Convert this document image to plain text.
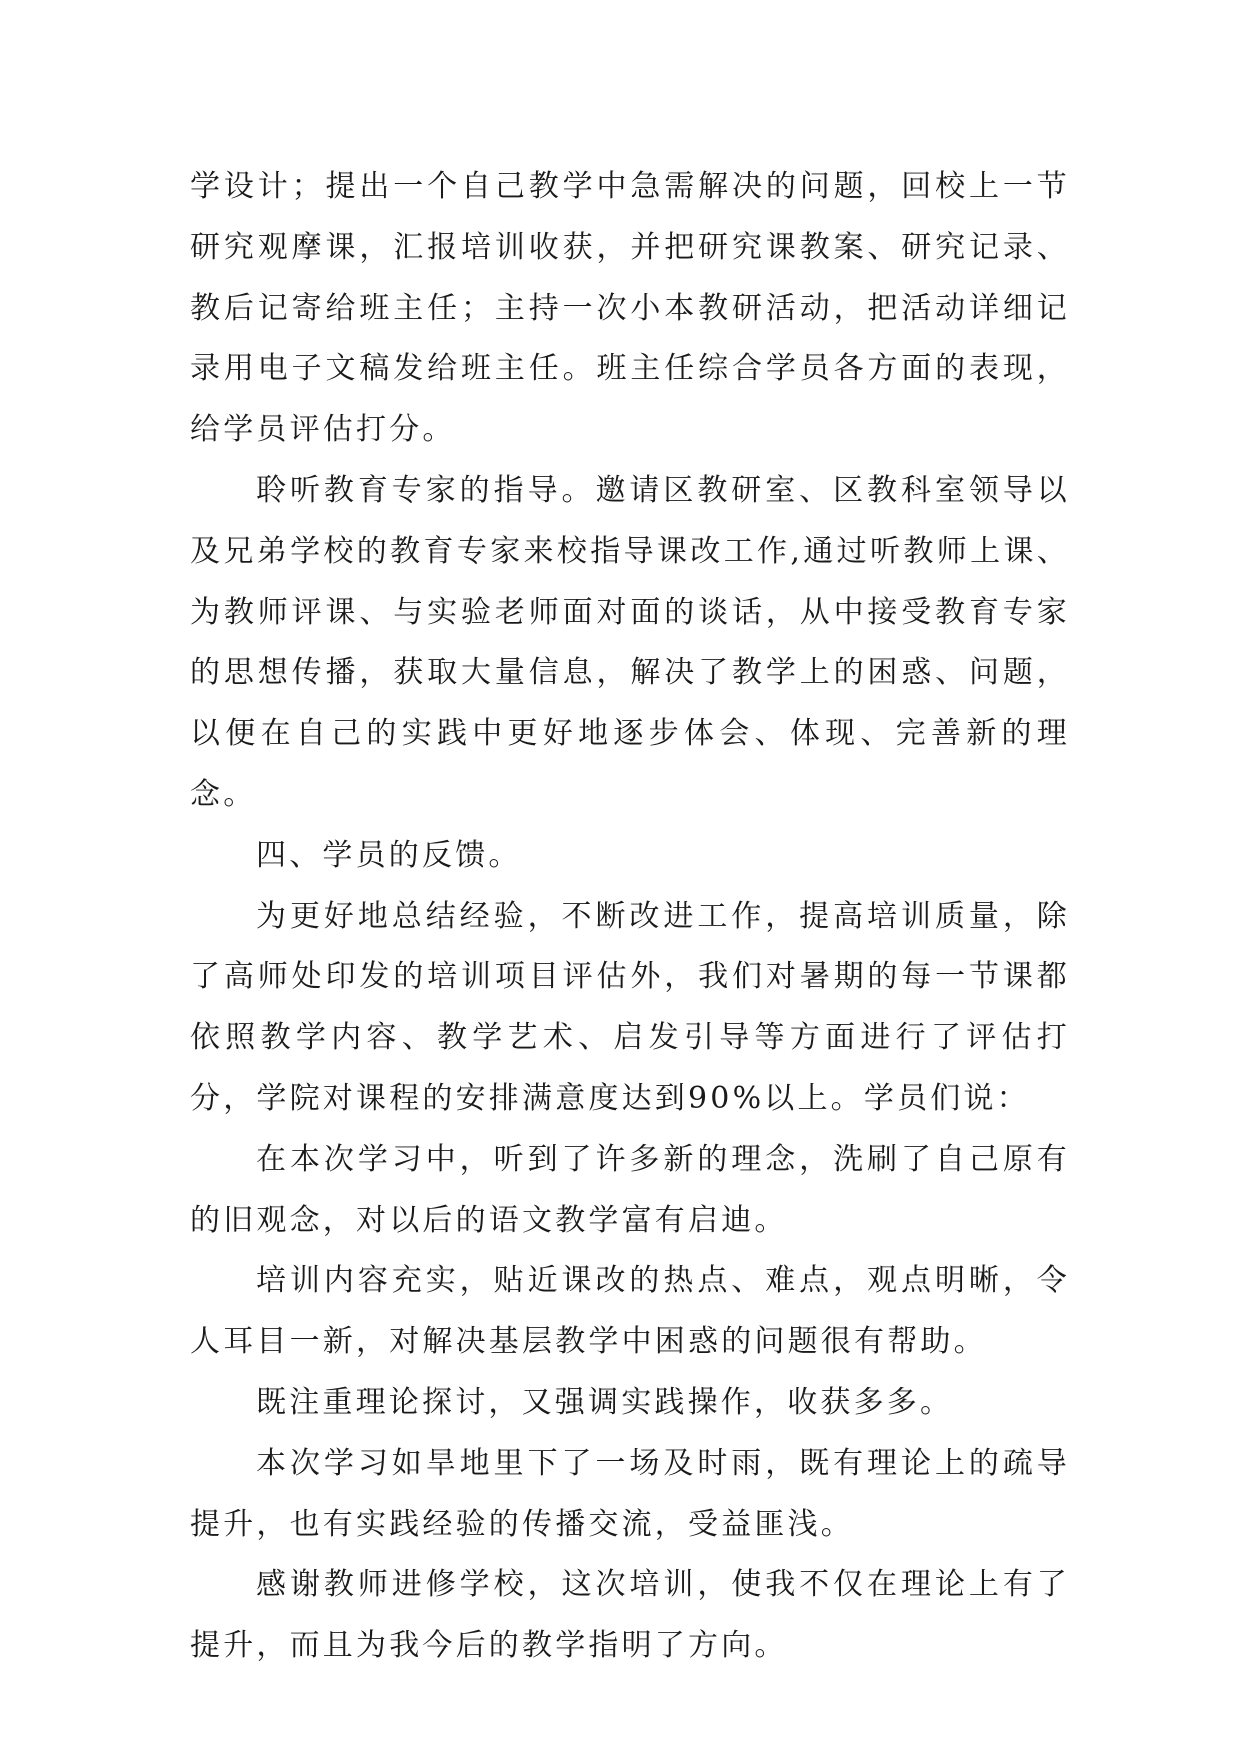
学设计；提出一个自己教学中急需解决的问题，回校上一节研究观摩课，汇报培训收获，并把研究课教案、研究记录、教后记寄给班主任；主持一次小本教研活动，把活动详细记录用电子文稿发给班主任。班主任综合学员各方面的表现，给学员评估打分。

聆听教育专家的指导。邀请区教研室、区教科室领导以及兄弟学校的教育专家来校指导课改工作,通过听教师上课、为教师评课、与实验老师面对面的谈话，从中接受教育专家的思想传播，获取大量信息，解决了教学上的困惑、问题，以便在自己的实践中更好地逐步体会、体现、完善新的理念。

四、学员的反馈。

为更好地总结经验，不断改进工作，提高培训质量，除了高师处印发的培训项目评估外，我们对暑期的每一节课都依照教学内容、教学艺术、启发引导等方面进行了评估打分，学院对课程的安排满意度达到90%以上。学员们说：

在本次学习中，听到了许多新的理念，洗刷了自己原有的旧观念，对以后的语文教学富有启迪。

培训内容充实，贴近课改的热点、难点，观点明晰，令人耳目一新，对解决基层教学中困惑的问题很有帮助。

既注重理论探讨，又强调实践操作，收获多多。

本次学习如旱地里下了一场及时雨，既有理论上的疏导提升，也有实践经验的传播交流，受益匪浅。

感谢教师进修学校，这次培训，使我不仅在理论上有了提升，而且为我今后的教学指明了方向。
